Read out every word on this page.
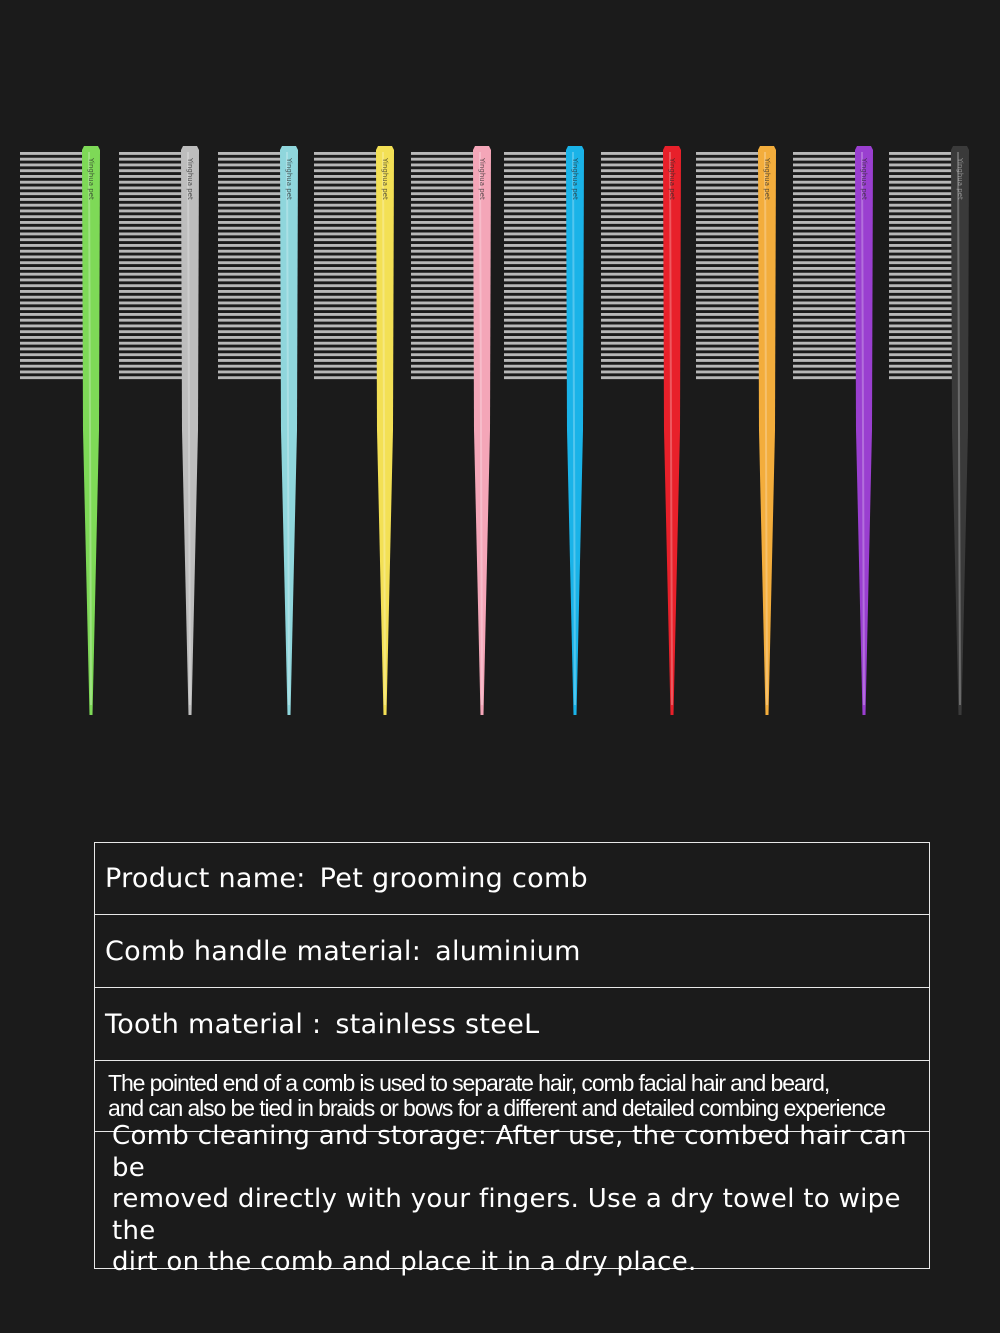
Yinghua pet	Yinghua pet	Yinghua pet	Yinghua pet	Yinghua pet	Yinghua pet	Yinghua pet	Yinghua pet	Yinghua pet	Yinghua pet
Product name: Pet grooming comb
Comb handle material: aluminium
Tooth material : stainless steeL
The pointed end of a comb is used to separate hair, comb facial hair and beard,
and can also be tied in braids or bows for a different and detailed combing experience
Comb cleaning and storage: After use, the combed hair can be
removed directly with your fingers. Use a dry towel to wipe the
dirt on the comb and place it in a dry place.
